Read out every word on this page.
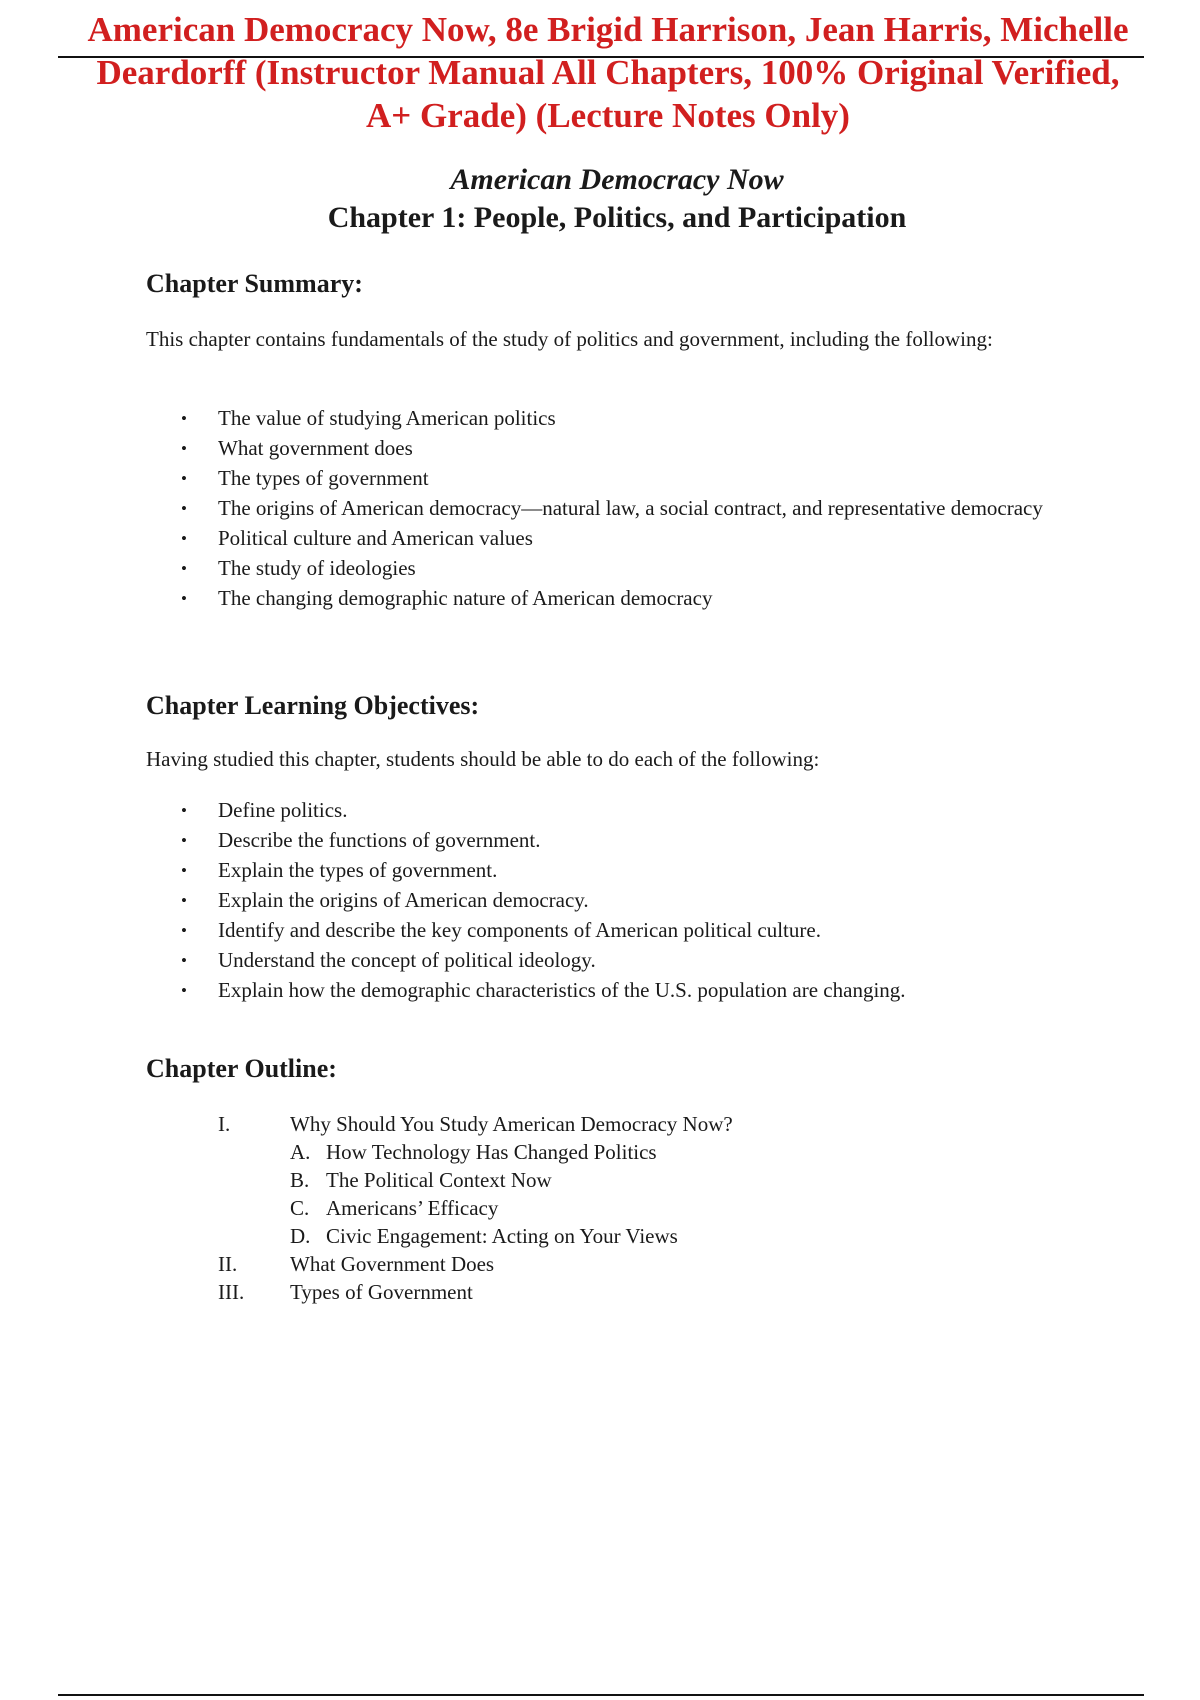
American Democracy Now, 8e Brigid Harrison, Jean Harris, Michelle
Deardorff (Instructor Manual All Chapters, 100% Original Verified,
A+ Grade) (Lecture Notes Only)
American Democracy Now
Chapter 1: People, Politics, and Participation
Chapter Summary:
This chapter contains fundamentals of the study of politics and government, including the following:
• The value of studying American politics
• What government does
• The types of government
• The origins of American democracy—natural law, a social contract, and representative democracy
• Political culture and American values
• The study of ideologies
• The changing demographic nature of American democracy
Chapter Learning Objectives:
Having studied this chapter, students should be able to do each of the following:
• Define politics.
• Describe the functions of government.
• Explain the types of government.
• Explain the origins of American democracy.
• Identify and describe the key components of American political culture.
• Understand the concept of political ideology.
• Explain how the demographic characteristics of the U.S. population are changing.
Chapter Outline:
I.	Why Should You Study American Democracy Now?
A. How Technology Has Changed Politics
B. The Political Context Now
C. Americans’ Efficacy
D. Civic Engagement: Acting on Your Views
II.	What Government Does
III. Types of Government
